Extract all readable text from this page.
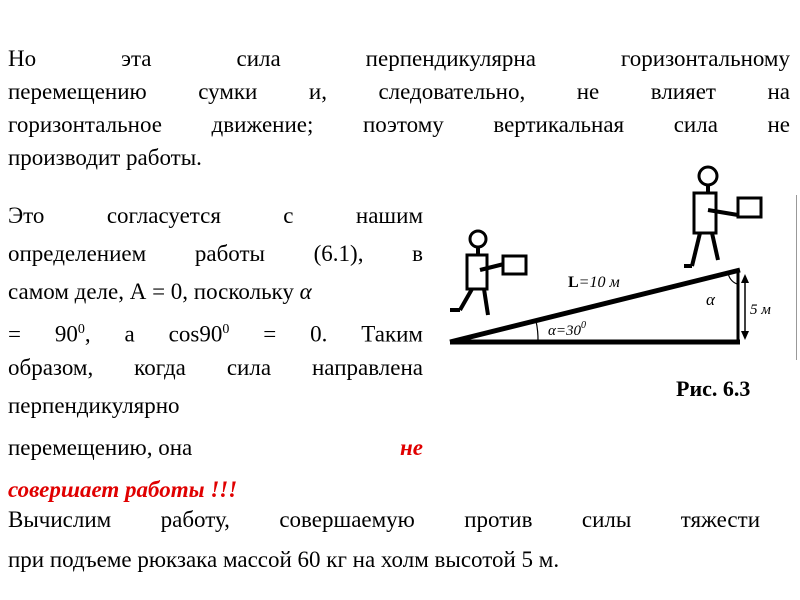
Но эта сила перпендикулярна горизонтальному
перемещению сумки и, следовательно, не влияет на
горизонтальное движение; поэтому вертикальная сила не
производит работы.
Это согласуется с нашим
определением работы (6.1), в
самом деле, А = 0, поскольку α
= $90^0$, а $\cos 90^0 = 0$. Таким
образом, когда сила направлена
перпендикулярно
перемещению, она	не
совершает работы !!!
Вычислим работу, совершаемую против силы тяжести
при подъеме рюкзака массой 60 кг на холм высотой 5 м.
5 м
L=10 м
$\alpha=30^0$
α
Рис. 6.3
